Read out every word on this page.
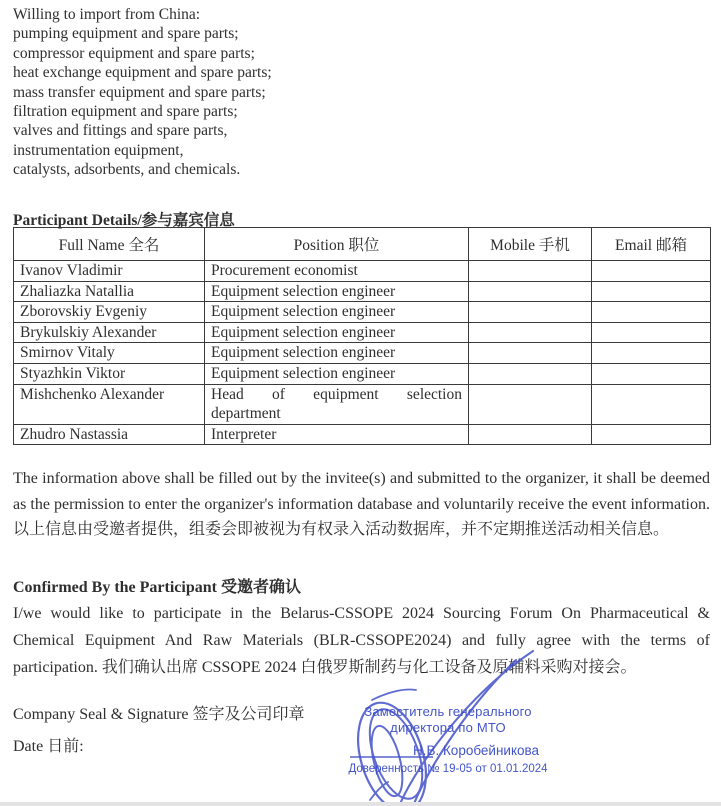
Willing to import from China:
pumping equipment and spare parts;
compressor equipment and spare parts;
heat exchange equipment and spare parts;
mass transfer equipment and spare parts;
filtration equipment and spare parts;
valves and fittings and spare parts,
instrumentation equipment,
catalysts, adsorbents, and chemicals.
Participant Details/参与嘉宾信息
Full Name 全名	Position 职位	Mobile 手机	Email 邮箱
Ivanov Vladimir	Procurement economist		
Zhaliazka Natallia	Equipment selection engineer		
Zborovskiy Evgeniy	Equipment selection engineer		
Brykulskiy Alexander	Equipment selection engineer		
Smirnov Vitaly	Equipment selection engineer		
Styazhkin Viktor	Equipment selection engineer		
Mishchenko Alexander	Head of equipment selection department		
Zhudro Nastassia	Interpreter		
The information above shall be filled out by the invitee(s) and submitted to the organizer, it shall be deemed as the permission to enter the organizer's information database and voluntarily receive the event information. 以上信息由受邀者提供，组委会即被视为有权录入活动数据库，并不定期推送活动相关信息。
Confirmed By the Participant 受邀者确认
I/we would like to participate in the Belarus-CSSOPE 2024 Sourcing Forum On Pharmaceutical & Chemical Equipment And Raw Materials (BLR-CSSOPE2024) and fully agree with the terms of participation. 我们确认出席 CSSOPE 2024 白俄罗斯制药与化工设备及原辅料采购对接会。
Company Seal & Signature 签字及公司印章
Date 日前:
Заместитель генерального
директора по МТО
Н.В. Коробейникова
Доверенность № 19-05 от 01.01.2024
